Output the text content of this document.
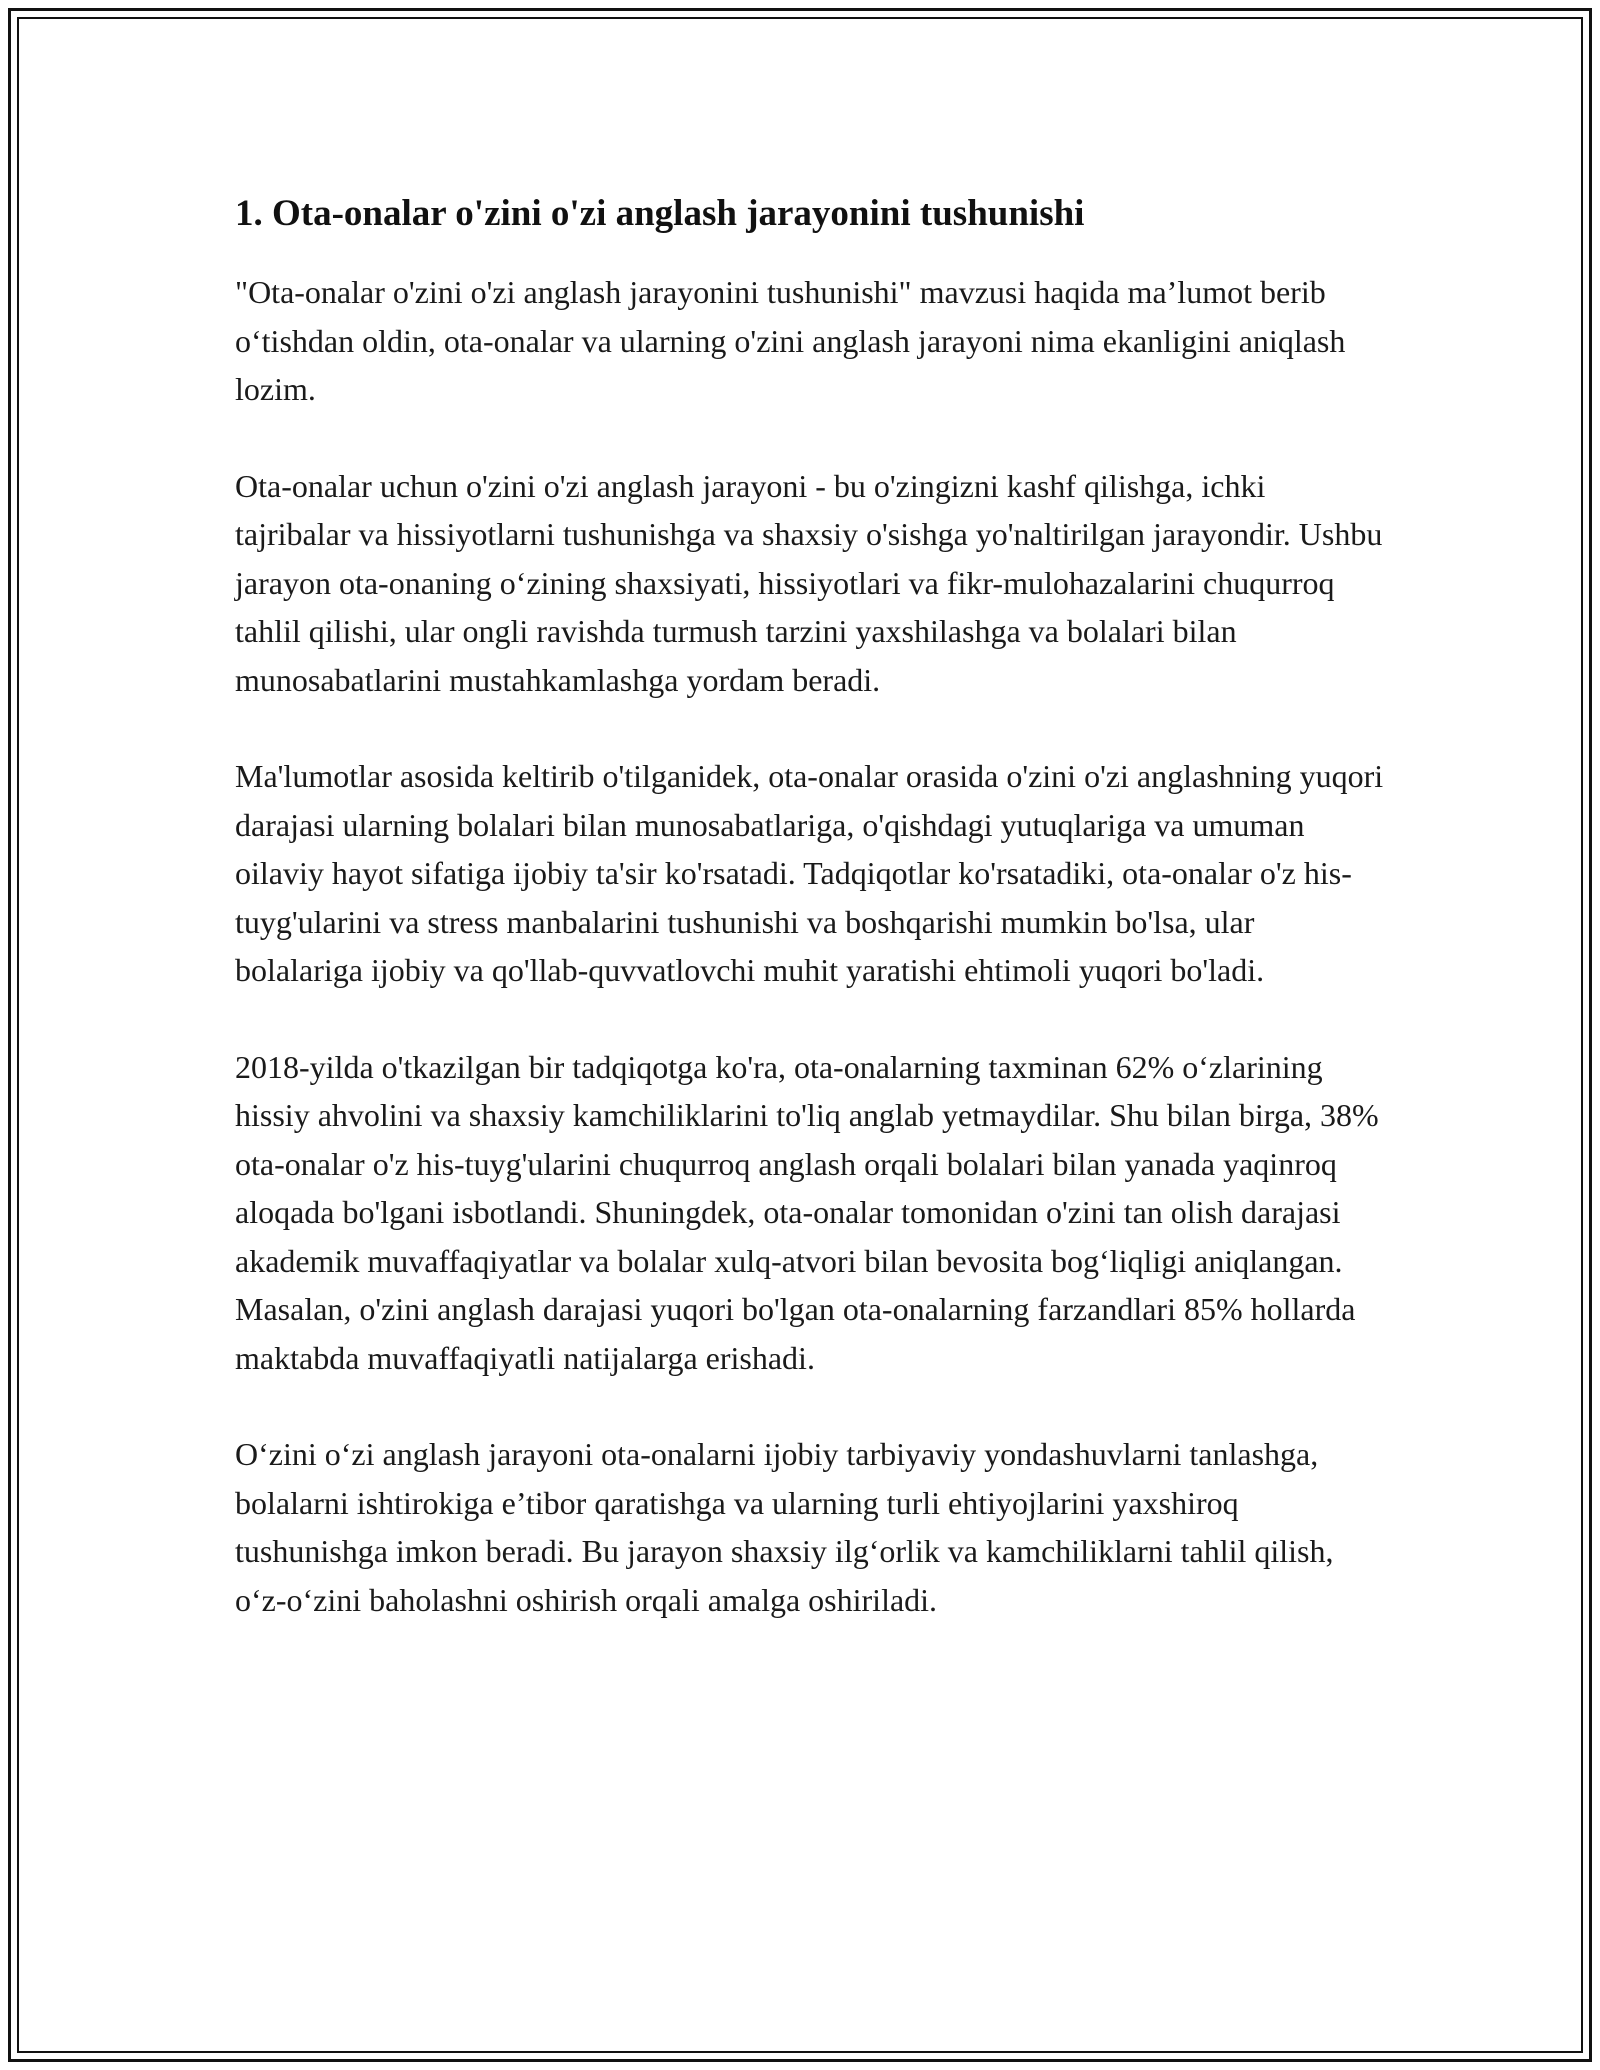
1. Ota-onalar o'zini o'zi anglash jarayonini tushunishi

"Ota-onalar o'zini o'zi anglash jarayonini tushunishi" mavzusi haqida ma’lumot berib o‘tishdan oldin, ota-onalar va ularning o'zini anglash jarayoni nima ekanligini aniqlash lozim.

Ota-onalar uchun o'zini o'zi anglash jarayoni - bu o'zingizni kashf qilishga, ichki tajribalar va hissiyotlarni tushunishga va shaxsiy o'sishga yo'naltirilgan jarayondir. Ushbu jarayon ota-onaning o‘zining shaxsiyati, hissiyotlari va fikr-mulohazalarini chuqurroq tahlil qilishi, ular ongli ravishda turmush tarzini yaxshilashga va bolalari bilan munosabatlarini mustahkamlashga yordam beradi.

Ma'lumotlar asosida keltirib o'tilganidek, ota-onalar orasida o'zini o'zi anglashning yuqori darajasi ularning bolalari bilan munosabatlariga, o'qishdagi yutuqlariga va umuman oilaviy hayot sifatiga ijobiy ta'sir ko'rsatadi. Tadqiqotlar ko'rsatadiki, ota-onalar o'z his-tuyg'ularini va stress manbalarini tushunishi va boshqarishi mumkin bo'lsa, ular bolalariga ijobiy va qo'llab-quvvatlovchi muhit yaratishi ehtimoli yuqori bo'ladi.

2018-yilda o'tkazilgan bir tadqiqotga ko'ra, ota-onalarning taxminan 62% o‘zlarining hissiy ahvolini va shaxsiy kamchiliklarini to'liq anglab yetmaydilar. Shu bilan birga, 38% ota-onalar o'z his-tuyg'ularini chuqurroq anglash orqali bolalari bilan yanada yaqinroq aloqada bo'lgani isbotlandi. Shuningdek, ota-onalar tomonidan o'zini tan olish darajasi akademik muvaffaqiyatlar va bolalar xulq-atvori bilan bevosita bog‘liqligi aniqlangan. Masalan, o'zini anglash darajasi yuqori bo'lgan ota-onalarning farzandlari 85% hollarda maktabda muvaffaqiyatli natijalarga erishadi.

O‘zini o‘zi anglash jarayoni ota-onalarni ijobiy tarbiyaviy yondashuvlarni tanlashga, bolalarni ishtirokiga e’tibor qaratishga va ularning turli ehtiyojlarini yaxshiroq tushunishga imkon beradi. Bu jarayon shaxsiy ilg‘orlik va kamchiliklarni tahlil qilish, o‘z-o‘zini baholashni oshirish orqali amalga oshiriladi.
